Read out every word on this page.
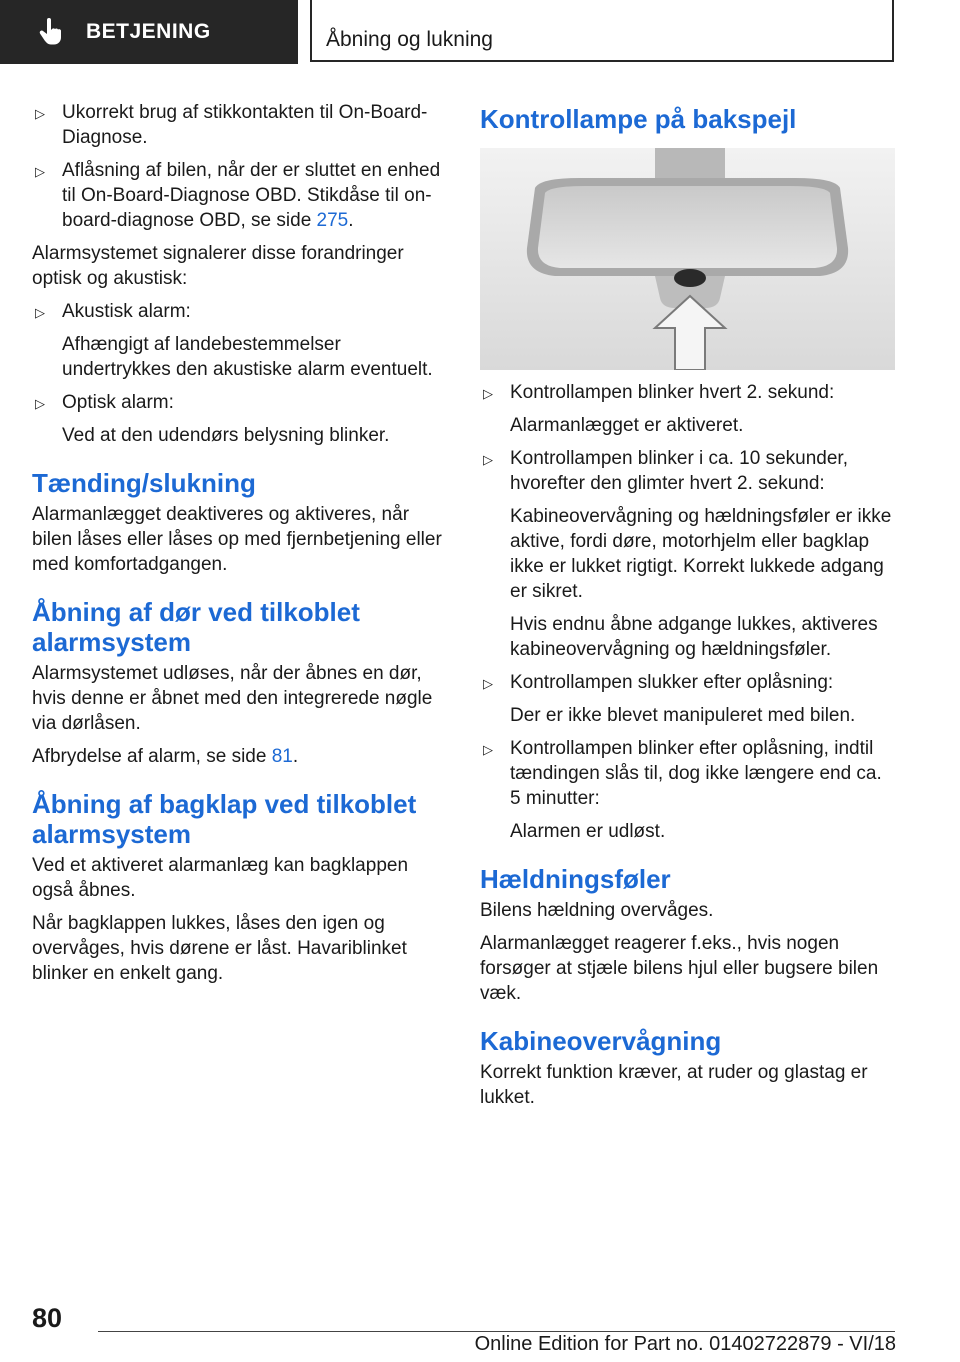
BETJENING	Åbning og lukning
▷ Ukorrekt brug af stikkontakten til On-Board-Diagnose.
▷ Aflåsning af bilen, når der er sluttet en enhed til On-Board-Diagnose OBD. Stikdåse til on-board-diagnose OBD, se side 275.

Alarmsystemet signalerer disse forandringer optisk og akustisk:

▷ Akustisk alarm:

Afhængigt af landebestemmelser undertrykkes den akustiske alarm eventuelt.

▷ Optisk alarm:

Ved at den udendørs belysning blinker.

Tænding/slukning

Alarmanlægget deaktiveres og aktiveres, når bilen låses eller låses op med fjernbetjening eller med komfortadgangen.

Åbning af dør ved tilkoblet alarmsystem

Alarmsystemet udløses, når der åbnes en dør, hvis denne er åbnet med den integrerede nøgle via dørlåsen.

Afbrydelse af alarm, se side 81.

Åbning af bagklap ved tilkoblet alarmsystem

Ved et aktiveret alarmanlæg kan bagklappen også åbnes.

Når bagklappen lukkes, låses den igen og overvåges, hvis dørene er låst. Havariblinket blinker en enkelt gang.

Kontrollampe på bakspejl
▷ Kontrollampen blinker hvert 2. sekund:

Alarmanlægget er aktiveret.

▷ Kontrollampen blinker i ca. 10 sekunder, hvorefter den glimter hvert 2. sekund:

Kabineovervågning og hældningsføler er ikke aktive, fordi døre, motorhjelm eller bagklap ikke er lukket rigtigt. Korrekt lukkede adgang er sikret.

Hvis endnu åbne adgange lukkes, aktiveres kabineovervågning og hældningsføler.

▷ Kontrollampen slukker efter oplåsning:

Der er ikke blevet manipuleret med bilen.

▷ Kontrollampen blinker efter oplåsning, indtil tændingen slås til, dog ikke længere end ca. 5 minutter:

Alarmen er udløst.

Hældningsføler

Bilens hældning overvåges.

Alarmanlægget reagerer f.eks., hvis nogen forsøger at stjæle bilens hjul eller bugsere bilen væk.

Kabineovervågning

Korrekt funktion kræver, at ruder og glastag er lukket.

80
Online Edition for Part no. 01402722879 - VI/18
